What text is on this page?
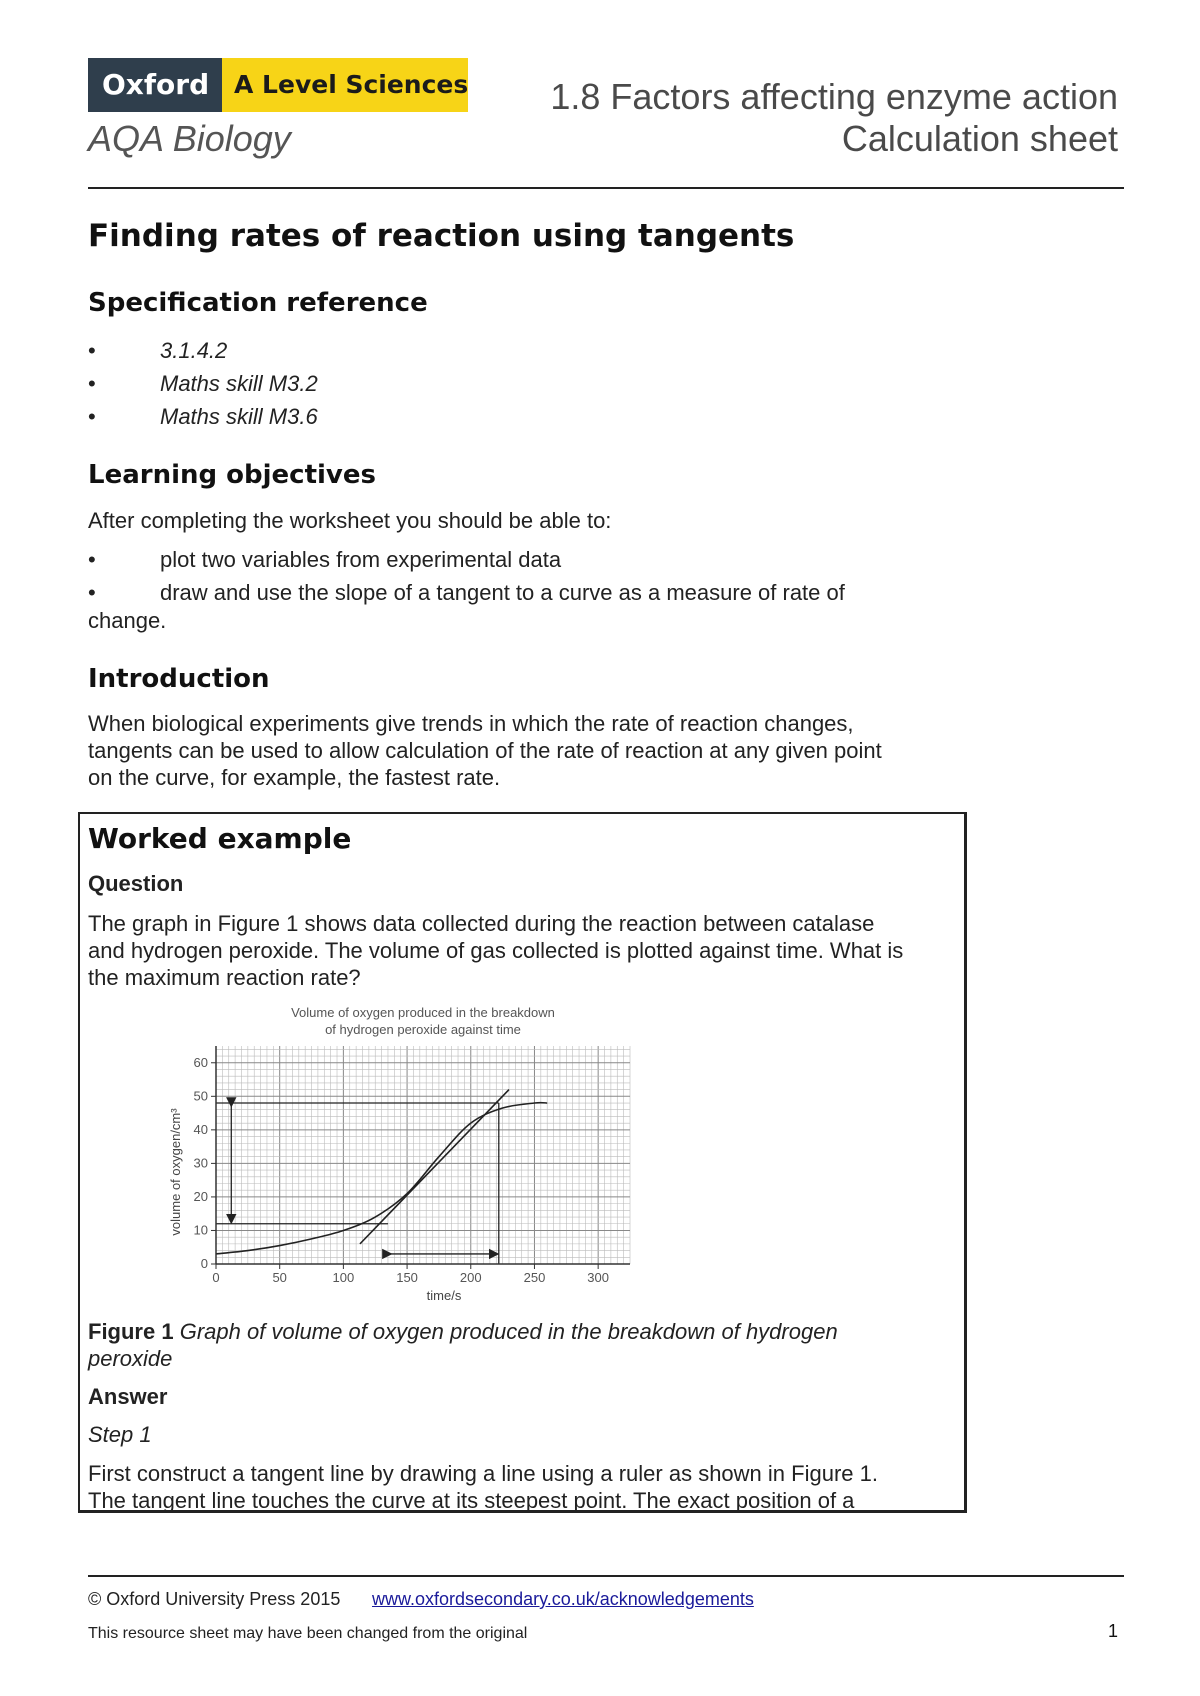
Oxford A Level Sciences
AQA Biology
1.8 Factors affecting enzyme action
Calculation sheet
Finding rates of reaction using tangents
Specification reference
•	3.1.4.2
•	Maths skill M3.2
•	Maths skill M3.6
Learning objectives
After completing the worksheet you should be able to:
•	plot two variables from experimental data
•	draw and use the slope of a tangent to a curve as a measure of rate of
change.
Introduction
When biological experiments give trends in which the rate of reaction changes,
tangents can be used to allow calculation of the rate of reaction at any given point
on the curve, for example, the fastest rate.
Worked example
Question
The graph in Figure 1 shows data collected during the reaction between catalase
and hydrogen peroxide. The volume of gas collected is plotted against time. What is
the maximum reaction rate?
Volume of oxygen produced in the breakdown
of hydrogen peroxide against time
0	50	100	150	200	250	300
0
10
20
30
40
50
60
time/s
volume of oxygen/cm³
Figure 1 Graph of volume of oxygen produced in the breakdown of hydrogen
peroxide
Answer
Step 1
First construct a tangent line by drawing a line using a ruler as shown in Figure 1.
The tangent line touches the curve at its steepest point. The exact position of a
© Oxford University Press 2015 www.oxfordsecondary.co.uk/acknowledgements
This resource sheet may have been changed from the original	1
